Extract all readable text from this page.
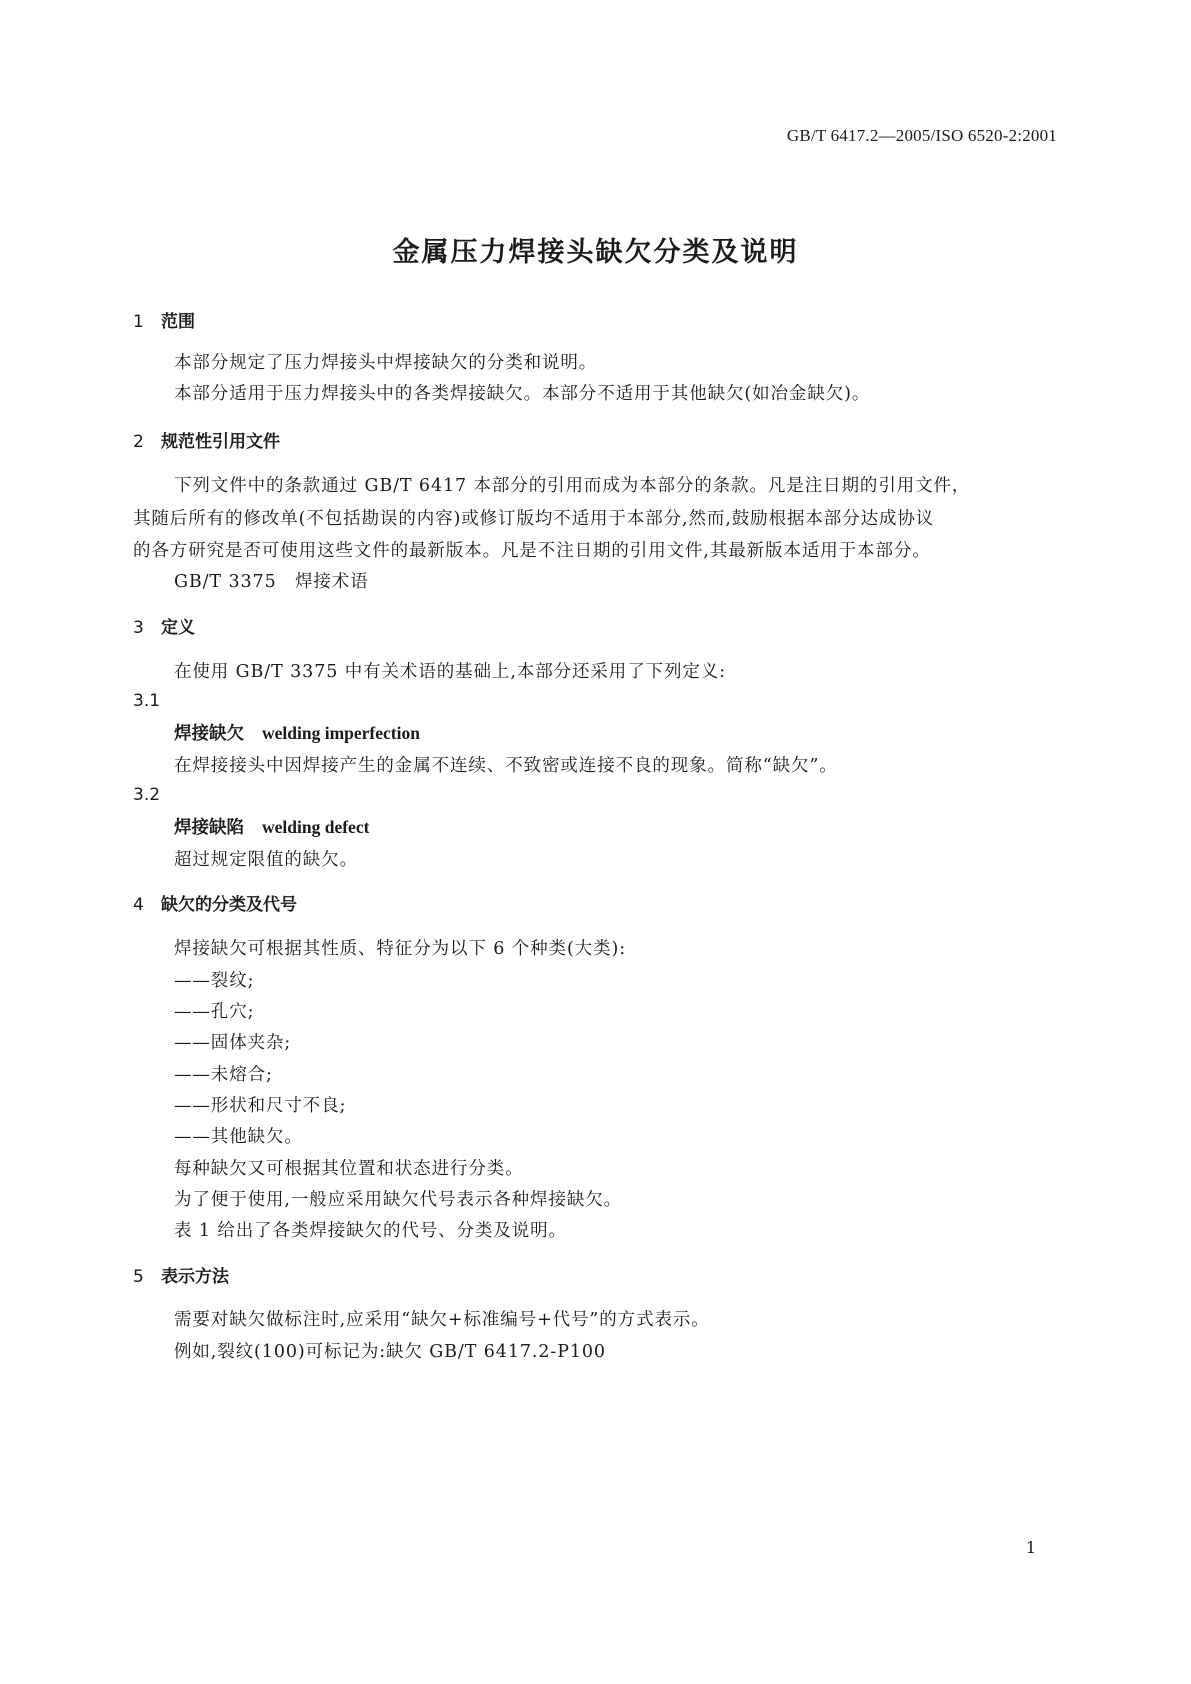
GB/T 6417.2—2005/ISO 6520-2:2001
金属压力焊接头缺欠分类及说明
1 范围
本部分规定了压力焊接头中焊接缺欠的分类和说明。
本部分适用于压力焊接头中的各类焊接缺欠。本部分不适用于其他缺欠(如冶金缺欠)。
2 规范性引用文件
下列文件中的条款通过 GB/T 6417 本部分的引用而成为本部分的条款。凡是注日期的引用文件，
其随后所有的修改单(不包括勘误的内容)或修订版均不适用于本部分,然而,鼓励根据本部分达成协议
的各方研究是否可使用这些文件的最新版本。凡是不注日期的引用文件,其最新版本适用于本部分。
GB/T 3375　焊接术语
3 定义
在使用 GB/T 3375 中有关术语的基础上,本部分还采用了下列定义:
3.1
焊接缺欠 welding imperfection
在焊接接头中因焊接产生的金属不连续、不致密或连接不良的现象。简称“缺欠”。
3.2
焊接缺陷 welding defect
超过规定限值的缺欠。
4 缺欠的分类及代号
焊接缺欠可根据其性质、特征分为以下 6 个种类(大类):
——裂纹;
——孔穴;
——固体夹杂;
——未熔合;
——形状和尺寸不良;
——其他缺欠。
每种缺欠又可根据其位置和状态进行分类。
为了便于使用,一般应采用缺欠代号表示各种焊接缺欠。
表 1 给出了各类焊接缺欠的代号、分类及说明。
5 表示方法
需要对缺欠做标注时,应采用“缺欠+标准编号+代号”的方式表示。
例如,裂纹(100)可标记为:缺欠 GB/T 6417.2-P100
1
